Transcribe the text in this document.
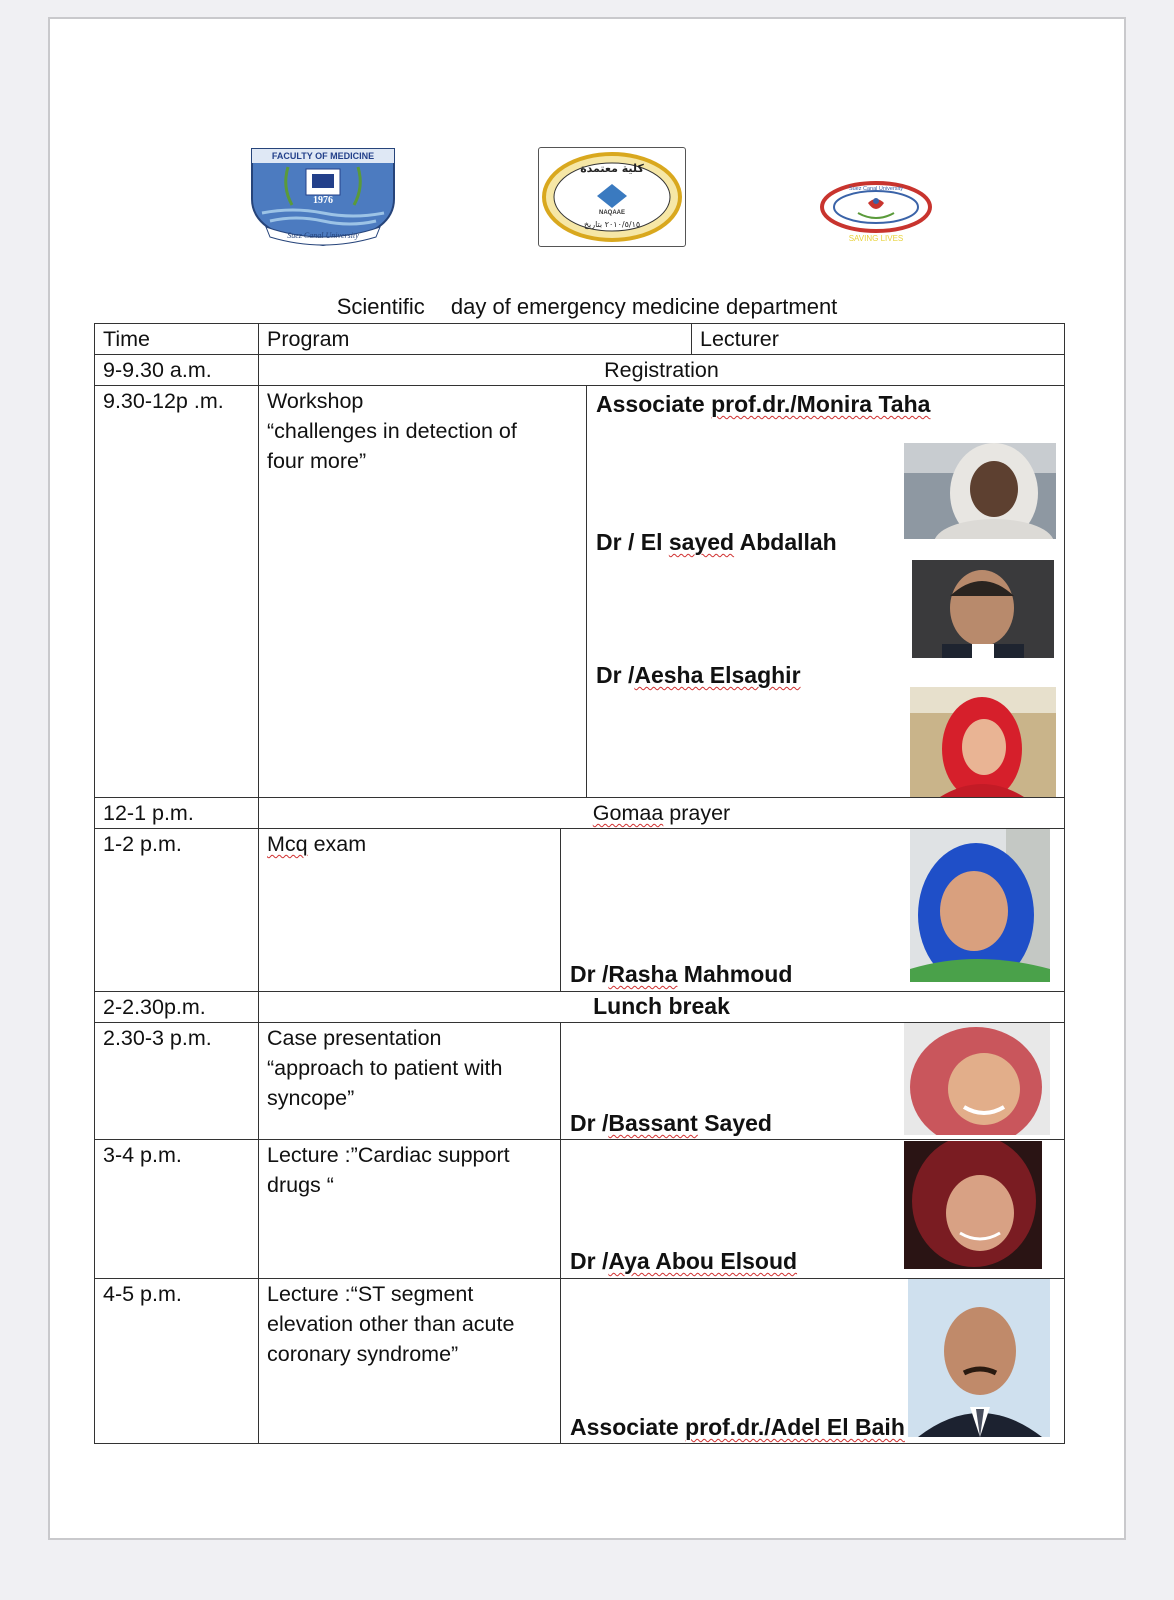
FACULTY OF MEDICINE
1976
Suez Canal University
كلية معتمدة
NAQAAE
٢٠١٠/٥/١٥ بتاريخ
Suez Canal University
SAVING LIVES
Scientific day of emergency medicine department
Time	Program	Lecturer
9-9.30 a.m.	Registration
9.30-12p .m. Workshop
“challenges in detection of
four more”
Associate prof.dr./Monira Taha
Dr / El sayed Abdallah
Dr /Aesha Elsaghir
12-1 p.m.	Gomaa prayer
1-2 p.m.	Mcq exam
Dr /Rasha Mahmoud
2-2.30p.m.	Lunch break
2.30-3 p.m.	Case presentation
“approach to patient with
syncope”
Dr /Bassant Sayed
3-4 p.m.	Lecture :”Cardiac support
drugs “
Dr /Aya Abou Elsoud
4-5 p.m.	Lecture :“ST segment
elevation other than acute
coronary syndrome”
Associate prof.dr./Adel El Baih
